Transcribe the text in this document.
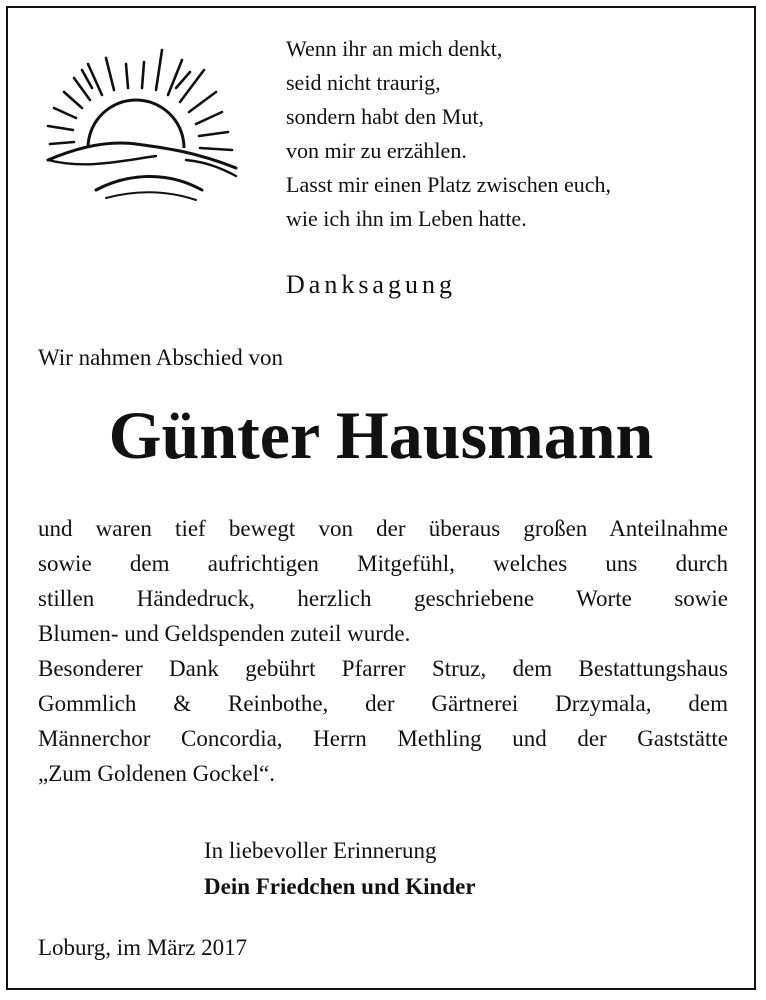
Wenn ihr an mich denkt,
seid nicht traurig,
sondern habt den Mut,
von mir zu erzählen.
Lasst mir einen Platz zwischen euch,
wie ich ihn im Leben hatte.
Danksagung
Wir nahmen Abschied von
Günter Hausmann
und waren tief bewegt von der überaus großen Anteilnahme
sowie dem aufrichtigen Mitgefühl, welches uns durch
stillen Händedruck, herzlich geschriebene Worte sowie
Blumen- und Geldspenden zuteil wurde.
Besonderer Dank gebührt Pfarrer Struz, dem Bestattungshaus
Gommlich & Reinbothe, der Gärtnerei Drzymala, dem
Männerchor Concordia, Herrn Methling und der Gaststätte
„Zum Goldenen Gockel“.
In liebevoller Erinnerung
Dein Friedchen und Kinder
Loburg, im März 2017
